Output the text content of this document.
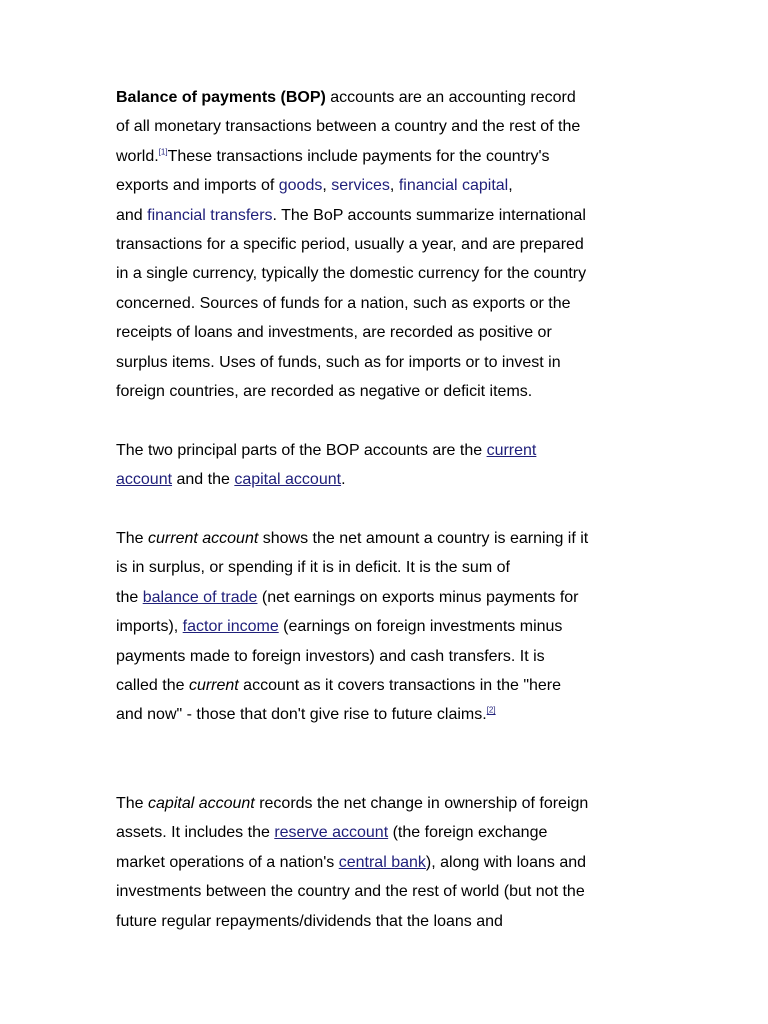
Balance of payments (BOP) accounts are an accounting record
of all monetary transactions between a country and the rest of the
world.[1]These transactions include payments for the country's
exports and imports of goods, services, financial capital,
and financial transfers. The BoP accounts summarize international
transactions for a specific period, usually a year, and are prepared
in a single currency, typically the domestic currency for the country
concerned. Sources of funds for a nation, such as exports or the
receipts of loans and investments, are recorded as positive or
surplus items. Uses of funds, such as for imports or to invest in
foreign countries, are recorded as negative or deficit items.

The two principal parts of the BOP accounts are the current
account and the capital account.

The current account shows the net amount a country is earning if it
is in surplus, or spending if it is in deficit. It is the sum of
the balance of trade (net earnings on exports minus payments for
imports), factor income (earnings on foreign investments minus
payments made to foreign investors) and cash transfers. It is
called the current account as it covers transactions in the "here
and now" - those that don't give rise to future claims.[2]

The capital account records the net change in ownership of foreign
assets. It includes the reserve account (the foreign exchange
market operations of a nation's central bank), along with loans and
investments between the country and the rest of world (but not the
future regular repayments/dividends that the loans and
